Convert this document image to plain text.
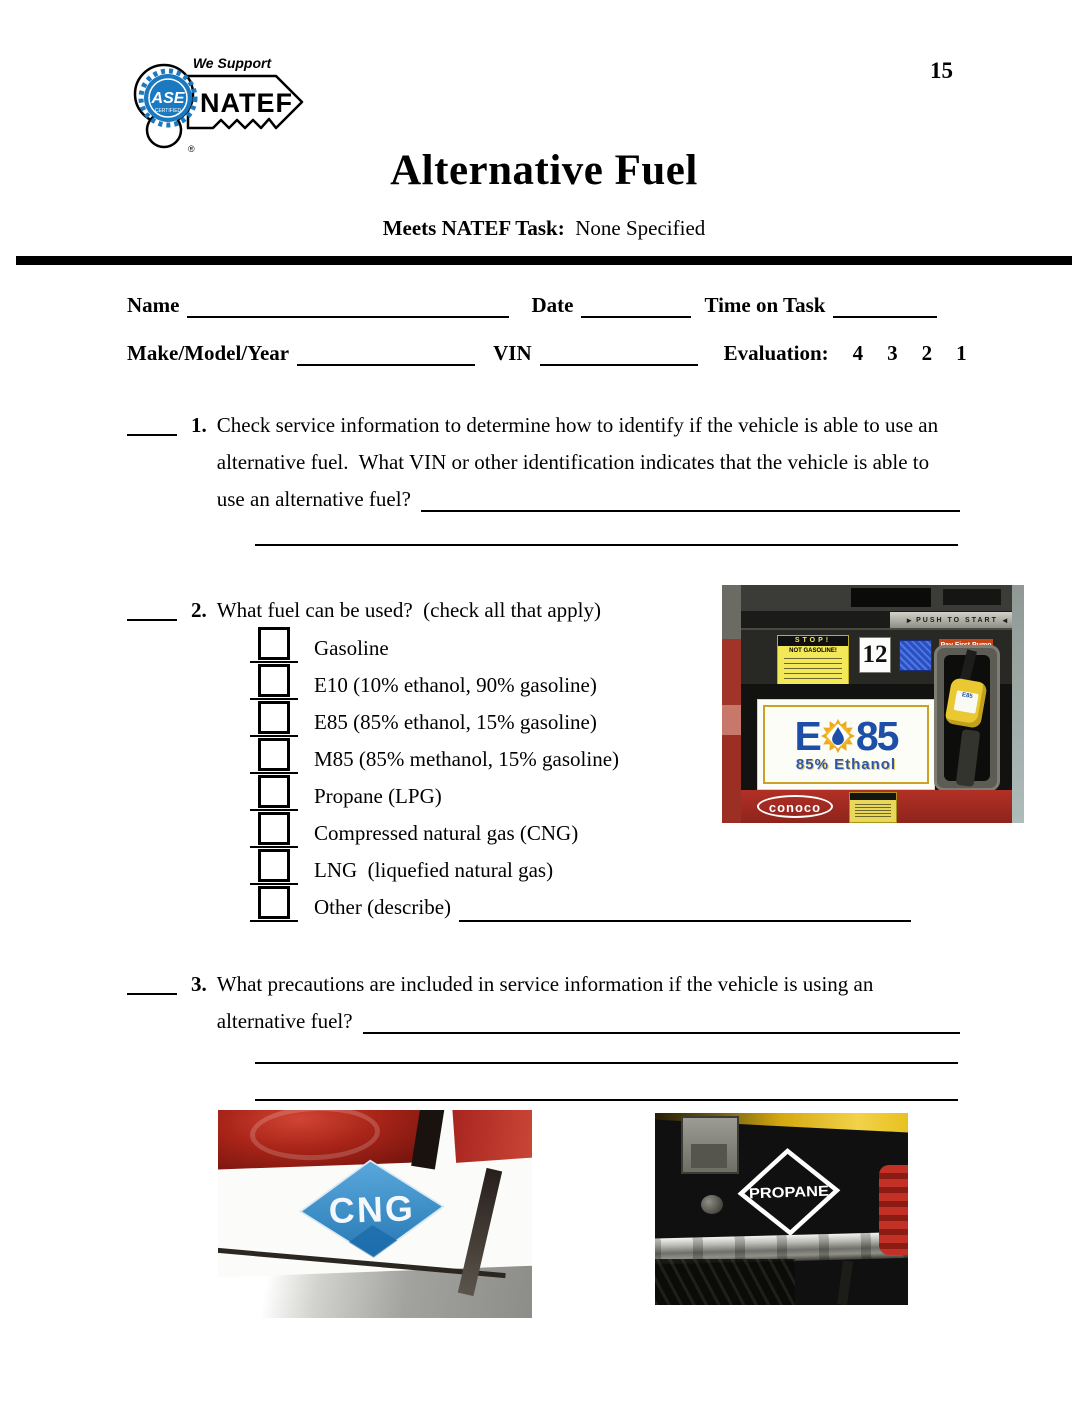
15
ASE
CERTIFIED
We Support
NATEF
®	Alternative Fuel
Meets NATEF Task: None Specified
Name	Date	Time on Task
Make/Model/Year	VIN	Evaluation: 4 3 2 1
1. Check service information to determine how to identify if the vehicle is able to use an
alternative fuel.  What VIN or other identification indicates that the vehicle is able to
use an alternative fuel?
2. What fuel can be used?  (check all that apply)
Gasoline
E10 (10% ethanol, 90% gasoline)
E85 (85% ethanol, 15% gasoline)
M85 (85% methanol, 15% gasoline)
Propane (LPG)
Compressed natural gas (CNG)
LNG  (liquefied natural gas)
Other (describe)
3. What precautions are included in service information if the vehicle is using an
alternative fuel?
► PUSH TO START ◄
STOP!
NOT GASOLINE!	12
E 85
85% Ethanol
E85
conoco
CNG	PROPANE
